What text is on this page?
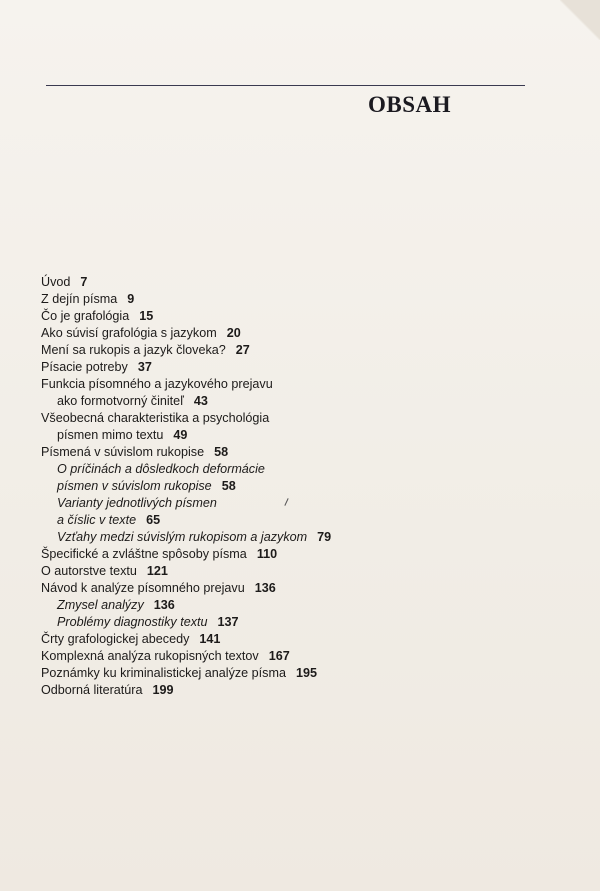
OBSAH
Úvod 7
Z dejín písma 9
Čo je grafológia 15
Ako súvisí grafológia s jazykom 20
Mení sa rukopis a jazyk človeka? 27
Písacie potreby 37
Funkcia písomného a jazykového prejavu
ako formotvorný činiteľ 43
Všeobecná charakteristika a psychológia
písmen mimo textu 49
Písmená v súvislom rukopise 58
O príčinách a dôsledkoch deformácie
písmen v súvislom rukopise 58
Varianty jednotlivých písmen
a číslic v texte 65
Vzťahy medzi súvislým rukopisom a jazykom 79
Špecifické a zvláštne spôsoby písma 110
O autorstve textu 121
Návod k analýze písomného prejavu 136
Zmysel analýzy 136
Problémy diagnostiky textu 137
Črty grafologickej abecedy 141
Komplexná analýza rukopisných textov 167
Poznámky ku kriminalistickej analýze písma 195
Odborná literatúra 199
